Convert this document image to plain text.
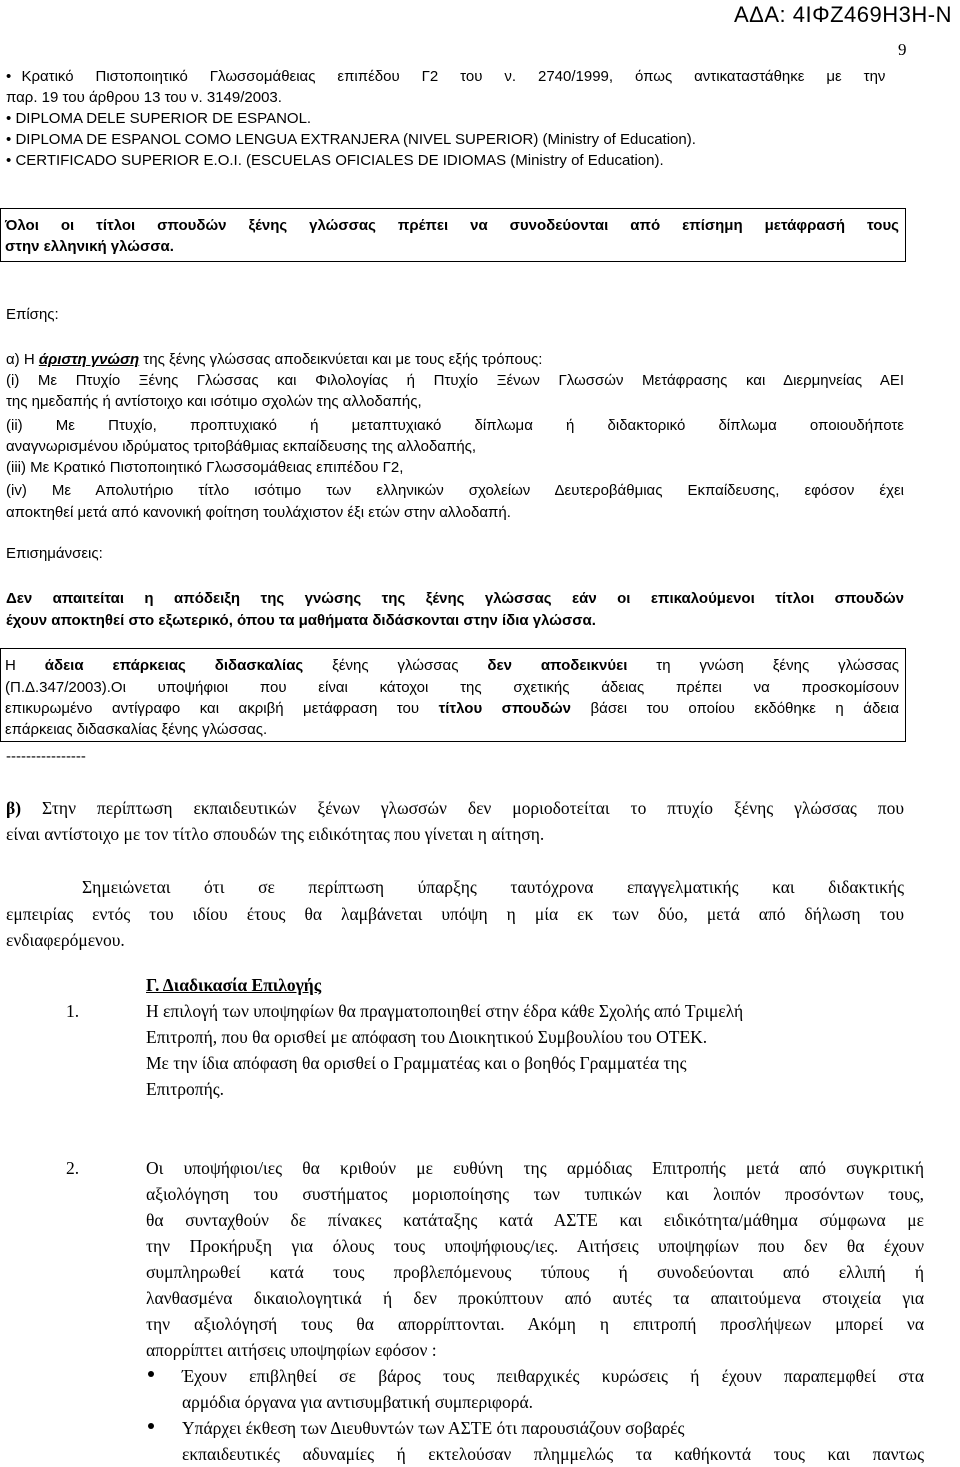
ΑΔΑ: 4ΙΦΖ469Η3Η-Ν
9
• Κρατικό Πιστοποιητικό Γλωσσομάθειας επιπέδου Γ2 του ν. 2740/1999, όπως αντικαταστάθηκε με την
παρ. 19 του άρθρου 13 του ν. 3149/2003.
• DIPLOMA DELE SUPERIOR DE ESPANOL.
• DIPLOMA DE ESPANOL COMO LENGUA EXTRANJERA (NIVEL SUPERIOR) (Ministry of Education).
• CERTIFICADO SUPERIOR E.O.I. (ESCUELAS OFICIALES DE IDIOMAS (Ministry of Education).
Όλοι οι τίτλοι σπουδών ξένης γλώσσας πρέπει να συνοδεύονται από επίσημη μετάφρασή τους
στην ελληνική γλώσσα.
Επίσης:
α) Η άριστη γνώση της ξένης γλώσσας αποδεικνύεται και με τους εξής τρόπους:
(i) Με Πτυχίο Ξένης Γλώσσας και Φιλολογίας ή Πτυχίο Ξένων Γλωσσών Μετάφρασης και Διερμηνείας ΑΕΙ
της ημεδαπής ή αντίστοιχο και ισότιμο σχολών της αλλοδαπής,
(ii) Με Πτυχίο, προπτυχιακό ή μεταπτυχιακό δίπλωμα ή διδακτορικό δίπλωμα οποιουδήποτε
αναγνωρισμένου ιδρύματος τριτοβάθμιας εκπαίδευσης της αλλοδαπής,
(iii) Με Κρατικό Πιστοποιητικό Γλωσσομάθειας επιπέδου Γ2,
(iv) Με Απολυτήριο τίτλο ισότιμο των ελληνικών σχολείων Δευτεροβάθμιας Εκπαίδευσης, εφόσον έχει
αποκτηθεί μετά από κανονική φοίτηση τουλάχιστον έξι ετών στην αλλοδαπή.
Επισημάνσεις:
Δεν απαιτείται η απόδειξη της γνώσης της ξένης γλώσσας εάν οι επικαλούμενοι τίτλοι σπουδών
έχουν αποκτηθεί στο εξωτερικό, όπου τα μαθήματα διδάσκονται στην ίδια γλώσσα.
Η άδεια επάρκειας διδασκαλίας ξένης γλώσσας δεν αποδεικνύει τη γνώση ξένης γλώσσας
(Π.Δ.347/2003).Οι υποψήφιοι που είναι κάτοχοι της σχετικής άδειας πρέπει να προσκομίσουν
επικυρωμένο αντίγραφο και ακριβή μετάφραση του τίτλου σπουδών βάσει του οποίου εκδόθηκε η άδεια
επάρκειας διδασκαλίας ξένης γλώσσας.
----------------
β) Στην περίπτωση εκπαιδευτικών ξένων γλωσσών δεν μοριοδοτείται το πτυχίο ξένης γλώσσας που
είναι αντίστοιχο με τον τίτλο σπουδών της ειδικότητας που γίνεται η αίτηση.
Σημειώνεται ότι σε περίπτωση ύπαρξης ταυτόχρονα επαγγελματικής και διδακτικής
εμπειρίας εντός του ιδίου έτους θα λαμβάνεται υπόψη η μία εκ των δύο, μετά από δήλωση του
ενδιαφερόμενου.
Γ. Διαδικασία Επιλογής
1.	Η επιλογή των υποψηφίων θα πραγματοποιηθεί στην έδρα κάθε Σχολής από Τριμελή
Επιτροπή, που θα ορισθεί με απόφαση του Διοικητικού Συμβουλίου του ΟΤΕΚ.
Με την ίδια απόφαση θα ορισθεί ο Γραμματέας και ο βοηθός Γραμματέα της
Επιτροπής.
2.	Οι υποψήφιοι/ιες θα κριθούν με ευθύνη της αρμόδιας Επιτροπής μετά από συγκριτική
αξιολόγηση του συστήματος μοριοποίησης των τυπικών και λοιπόν προσόντων τους,
θα συνταχθούν δε πίνακες κατάταξης κατά ΑΣΤΕ και ειδικότητα/μάθημα σύμφωνα με
την Προκήρυξη για όλους τους υποψήφιους/ιες. Αιτήσεις υποψηφίων που δεν θα έχουν
συμπληρωθεί κατά τους προβλεπόμενους τύπους ή συνοδεύονται από ελλιπή ή
λανθασμένα δικαιολογητικά ή δεν προκύπτουν από αυτές τα απαιτούμενα στοιχεία για
την αξιολόγησή τους θα απορρίπτονται. Ακόμη η επιτροπή προσλήψεων μπορεί να
απορρίπτει αιτήσεις υποψηφίων εφόσον :
Έχουν επιβληθεί σε βάρος τους πειθαρχικές κυρώσεις ή έχουν παραπεμφθεί στα
αρμόδια όργανα για αντισυμβατική συμπεριφορά.
Υπάρχει έκθεση των Διευθυντών των ΑΣΤΕ ότι παρουσιάζουν σοβαρές
εκπαιδευτικές αδυναμίες ή εκτελούσαν πλημμελώς τα καθήκοντά τους και παντως
